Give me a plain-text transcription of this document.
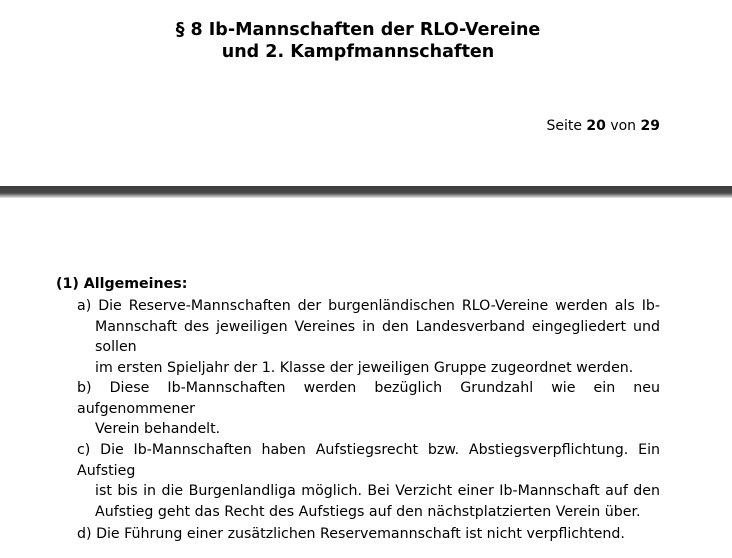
§ 8 Ib-Mannschaften der RLO-Vereine
und 2. Kampfmannschaften
Seite 20 von 29
(1) Allgemeines:
a) Die Reserve-Mannschaften der burgenländischen RLO-Vereine werden als Ib-
Mannschaft des jeweiligen Vereines in den Landesverband eingegliedert und sollen
im ersten Spieljahr der 1. Klasse der jeweiligen Gruppe zugeordnet werden.
b) Diese Ib-Mannschaften werden bezüglich Grundzahl wie ein neu aufgenommener
Verein behandelt.
c) Die Ib-Mannschaften haben Aufstiegsrecht bzw. Abstiegsverpflichtung. Ein Aufstieg
ist bis in die Burgenlandliga möglich. Bei Verzicht einer Ib-Mannschaft auf den
Aufstieg geht das Recht des Aufstiegs auf den nächstplatzierten Verein über.
d) Die Führung einer zusätzlichen Reservemannschaft ist nicht verpflichtend.
